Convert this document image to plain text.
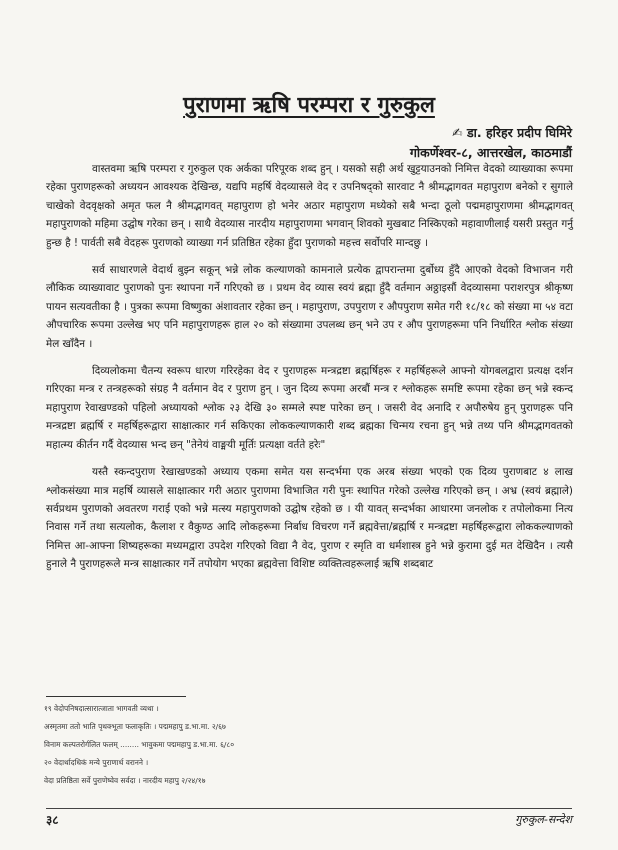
पुराणमा ऋषि परम्परा र गुरुकुल
✍ डा. हरिहर प्रदीप घिमिरे
गोकर्णेश्वर-८, आत्तरखेल, काठमाडौं

वास्तवमा ऋषि परम्परा र गुरुकुल एक अर्कका परिपूरक शब्द हुन् । यसको सही अर्थ खुट्टयाउनको निमित्त वेदको व्याख्याका रूपमा रहेका पुराणहरूको अध्ययन आवश्यक देखिन्छ, यद्यपि महर्षि वेदव्यासले वेद र उपनिषद्को सारवाट नै श्रीमद्भागवत महापुराण बनेको र सुगाले चाखेको वेदवृक्षको अमृत फल नै श्रीमद्भागवत् महापुराण हो भनेर अठार महापुराण मध्येको सबै भन्दा ठूलो पद्ममहापुराणमा श्रीमद्भागवत् महापुराणको महिमा उद्घोष गरेका छन् । साथै वेदव्यास नारदीय महापुराणमा भगवान् शिवको मुखबाट निस्किएको महावाणीलाई यसरी प्रस्तुत गर्नु हुन्छ है ! पार्वती सबै वेदहरू पुराणको व्याख्या गर्न प्रतिष्ठित रहेका हुँदा पुराणको महत्त्व सर्वोपरि मान्दछु ।

सर्व साधारणले वेदार्थ बुझ्न सकून् भन्ने लोक कल्याणको कामनाले प्रत्येक द्वापरान्तमा दुर्बोध्य हुँदै आएको वेदको विभाजन गरी लौकिक व्याख्यावाट पुराणको पुनः स्थापना गर्ने गरिएको छ । प्रथम वेद व्यास स्वयं ब्रह्मा हुँदै वर्तमान अठ्ठाइसौं वेदव्यासमा पराशरपुत्र श्रीकृष्ण पायन सत्यवतीका है । पुत्रका रूपमा विष्णुका अंशावतार रहेका छन् । महापुराण, उपपुराण र औपपुराण समेत गरी १८/१८ को संख्या मा ५४ वटा औपचारिक रूपमा उल्लेख भए पनि महापुराणहरू हाल २० को संख्यामा उपलब्ध छन् भने उप र औप पुराणहरूमा पनि निर्धारित श्लोक संख्या मेल खाँदैन ।

दिव्यलोकमा चैतन्य स्वरूप धारण गरिरहेका वेद र पुराणहरू मन्त्रद्रष्टा ब्रह्मर्षिहरू र महर्षिहरूले आफ्नो योगबलद्वारा प्रत्यक्ष दर्शन गरिएका मन्त्र र तन्त्रहरूको संग्रह नै वर्तमान वेद र पुराण हुन् । जुन दिव्य रूपमा अरबौं मन्त्र र श्लोकहरू समष्टि रूपमा रहेका छन् भन्ने स्कन्द महापुराण रेवाखण्डको पहिलो अध्यायको श्लोक २३ देखि ३० सम्मले स्पष्ट पारेका छन् । जसरी वेद अनादि र अपौरुषेय हुन् पुराणहरू पनि मन्त्रद्रष्टा ब्रह्मर्षि र महर्षिहरूद्वारा साक्षात्कार गर्न सकिएका लोककल्याणकारी शब्द ब्रह्मका चिन्मय रचना हुन् भन्ने तथ्य पनि श्रीमद्भागवतको महात्म्य कीर्तन गर्दै वेदव्यास भन्द छन् "तेनेयं वाङ्मयी मूर्तिः प्रत्यक्षा वर्तते हरेः"

यस्तै स्कन्दपुराण रेखाखण्डको अध्याय एकमा समेत यस सन्दर्भमा एक अरब संख्या भएको एक दिव्य पुराणबाट ४ लाख श्लोकसंख्या मात्र महर्षि व्यासले साक्षात्कार गरी अठार पुराणमा विभाजित गरी पुनः स्थापित गरेको उल्लेख गरिएको छन् । अभ्र (स्वयं ब्रह्माले) सर्वप्रथम पुराणको अवतरण गराई एको भन्ने मत्स्य महापुराणको उद्घोष रहेको छ । यी यावत् सन्दर्भका आधारमा जनलोक र तपोलोकमा नित्य निवास गर्ने तथा सत्यलोक, कैलाश र वैकुण्ठ आदि लोकहरूमा निर्बाध विचरण गर्ने ब्रह्मवेत्ता/ब्रह्मर्षि र मन्त्रद्रष्टा महर्षिहरूद्वारा लोककल्याणको निमित्त आ-आफ्ना शिष्यहरूका मध्यमद्वारा उपदेश गरिएको विद्या नै वेद, पुराण र स्मृति वा धर्मशास्त्र हुने भन्ने कुरामा दुई मत देखिदैन । त्यसै हुनाले नै पुराणहरूले मन्त्र साक्षात्कार गर्ने तपोयोग भएका ब्रह्मवेत्ता विशिष्ट व्यक्तित्वहरूलाई ऋषि शब्दबाट

१९ वेदोपनिषदात्सारात्जाता भागवती व्यथा ।
अस्मृतमा ततो भाति पृथक्भूता फलाकृतिः । पद्ममहापु ड.भा.मा. २/६७
विनाम कल्पतरोर्गलित फलम् ........ भावुकमा पद्ममहापु ड.भा.मा. ६/८०
२० वेदार्थादधिकं मन्ये पुराणार्थ वरानने ।
वेदा प्रतिष्ठिता सर्वे पुराणेष्वेव सर्वदा । नारदीय महापु २/२४/१७
३८	गुरुकुल-सन्देश
